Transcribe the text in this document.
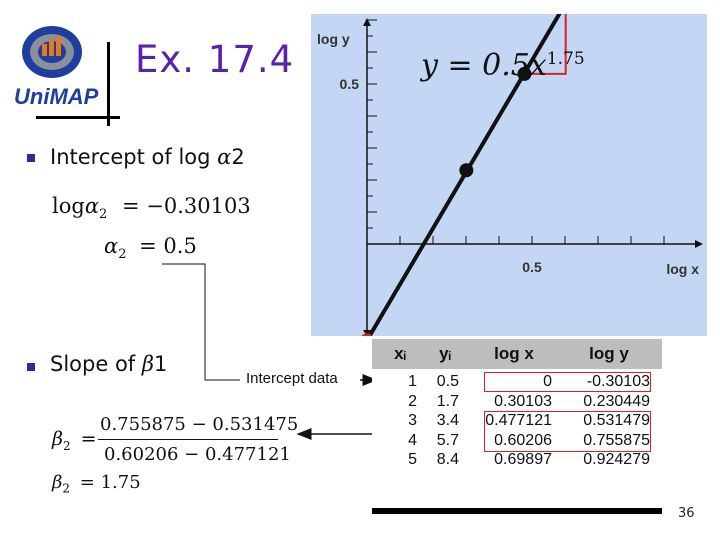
UniMAP
Ex. 17.4
Intercept of log α2
logα$_2$ = −0.30103
$\alpha_2 = 0.5$
Slope of β1
$\beta_2$ =
0.755875 − 0.531475
0.60206 − 0.477121
$\beta_2 = 1.75$
Intercept data
0.5
0.5
log x
log y
$y = 0.5x^{1.75}$
xᵢ	yᵢ	log x	log y
1	0.5	0	-0.30103
2	1.7	0.30103	0.230449
3	3.4	0.477121	0.531479
4	5.7	0.60206	0.755875
5	8.4	0.69897	0.924279
36
